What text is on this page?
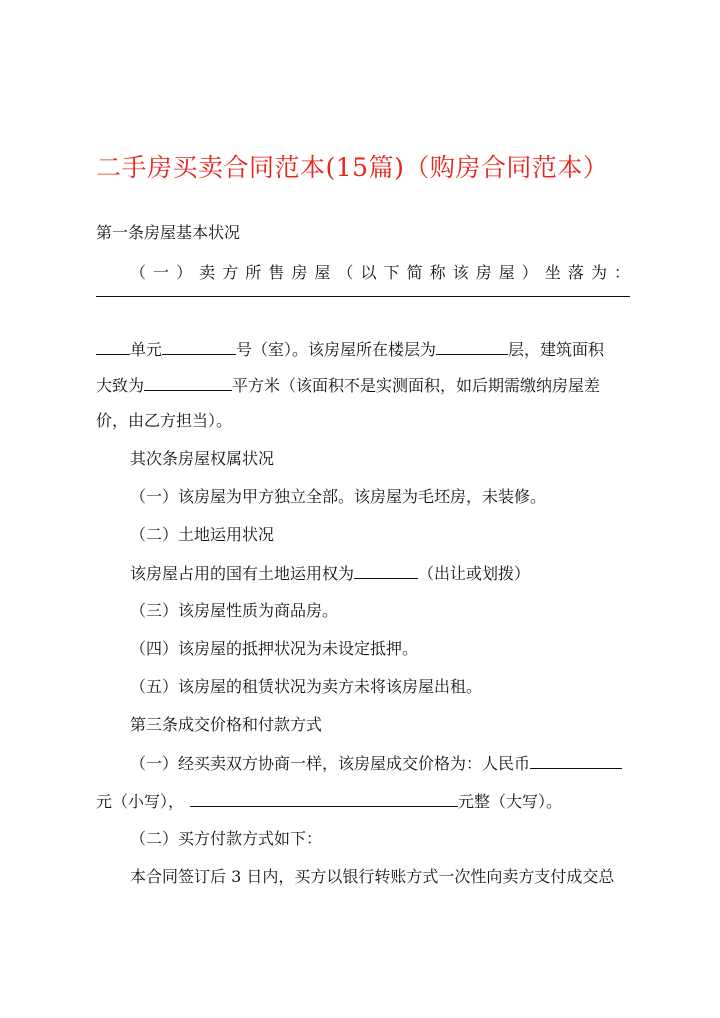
二手房买卖合同范本(15篇)（购房合同范本）
第一条房屋基本状况
（ 一 ） 卖 方 所 售 房 屋 （ 以 下 简 称 该 房 屋 ） 坐 落 为 ：
单元	号（室）。该房屋所在楼层为	层，建筑面积
大致为	平方米（该面积不是实测面积，如后期需缴纳房屋差
价，由乙方担当）。
其次条房屋权属状况
（一）该房屋为甲方独立全部。该房屋为毛坯房，未装修。
（二）土地运用状况
该房屋占用的国有土地运用权为	（出让或划拨）
（三）该房屋性质为商品房。
（四）该房屋的抵押状况为未设定抵押。
（五）该房屋的租赁状况为卖方未将该房屋出租。
第三条成交价格和付款方式
（一）经买卖双方协商一样，该房屋成交价格为：人民币
元（小写），	元整（大写）。
（二）买方付款方式如下：
本合同签订后 3 日内，买方以银行转账方式一次性向卖方支付成交总
